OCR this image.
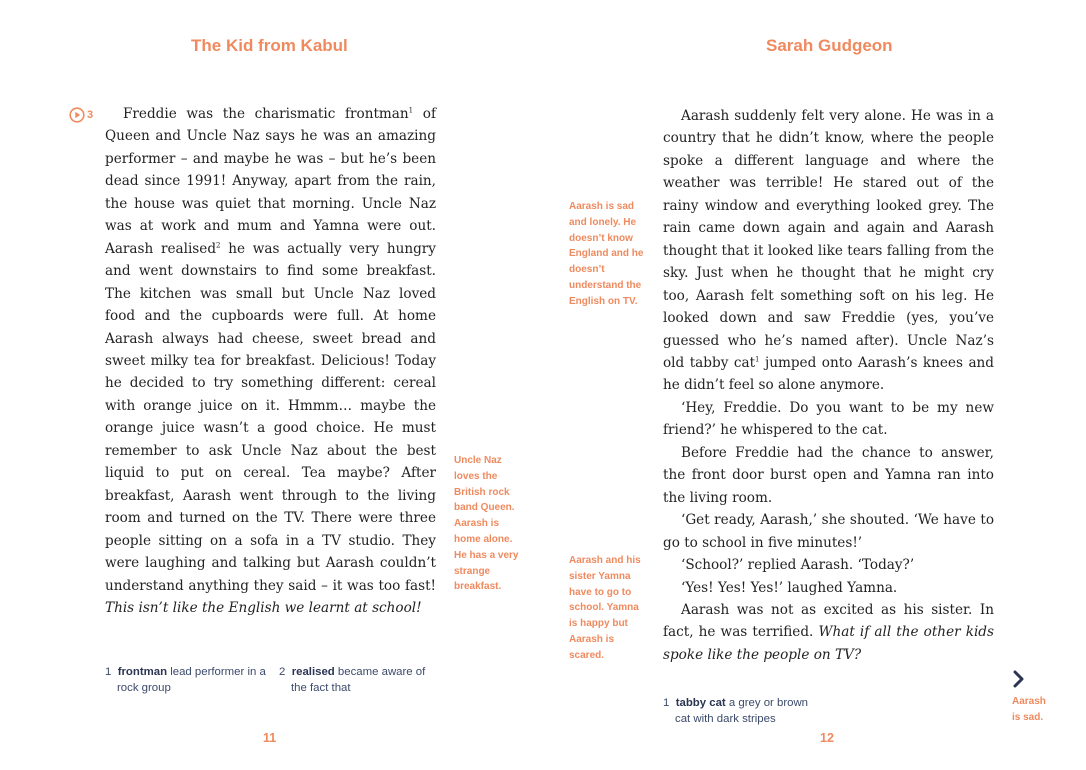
The Kid from Kabul	Sarah Gudgeon
3	Freddie was the charismatic frontman$^1$ of Queen and Uncle Naz says he was an amazing performer – and maybe he was – but he’s been dead since 1991! Anyway, apart from the rain, the house was quiet that morning. Uncle Naz was at work and mum and Yamna were out. Aarash realised$^2$ he was actually very hungry and went downstairs to find some breakfast. The kitchen was small but Uncle Naz loved food and the cupboards were full. At home Aarash always had cheese, sweet bread and sweet milky tea for breakfast. Delicious! Today he decided to try something different: cereal with orange juice on it. Hmmm… maybe the orange juice wasn’t a good choice. He must remember to ask Uncle Naz about the best liquid to put on cereal. Tea maybe? After breakfast, Aarash went through to the living room and turned on the TV. There were three people sitting on a sofa in a TV studio. They were laughing and talking but Aarash couldn’t understand anything they said – it was too fast! This isn’t like the English we learnt at school!

Aarash is sad and lonely. He doesn’t know England and he doesn’t understand the English on TV.
Uncle Naz loves the British rock band Queen. Aarash is home alone. He has a very strange breakfast.
Aarash and his sister Yamna have to go to school. Yamna is happy but Aarash is scared.

Aarash suddenly felt very alone. He was in a country that he didn’t know, where the people spoke a different language and where the weather was terrible! He stared out of the rainy window and everything looked grey. The rain came down again and again and Aarash thought that it looked like tears falling from the sky. Just when he thought that he might cry too, Aarash felt something soft on his leg. He looked down and saw Freddie (yes, you’ve guessed who he’s named after). Uncle Naz’s old tabby cat$^1$ jumped onto Aarash’s knees and he didn’t feel so alone anymore.

‘Hey, Freddie. Do you want to be my new friend?’ he whispered to the cat.

Before Freddie had the chance to answer, the front door burst open and Yamna ran into the living room.

‘Get ready, Aarash,’ she shouted. ‘We have to go to school in five minutes!’

‘School?’ replied Aarash. ‘Today?’

‘Yes! Yes! Yes!’ laughed Yamna.

Aarash was not as excited as his sister. In fact, he was terrified. What if all the other kids spoke like the people on TV?

Aarash is sad.
1 frontman lead performer in a rock group
2 realised became aware of the fact that
1 tabby cat a grey or brown cat with dark stripes
11	12
